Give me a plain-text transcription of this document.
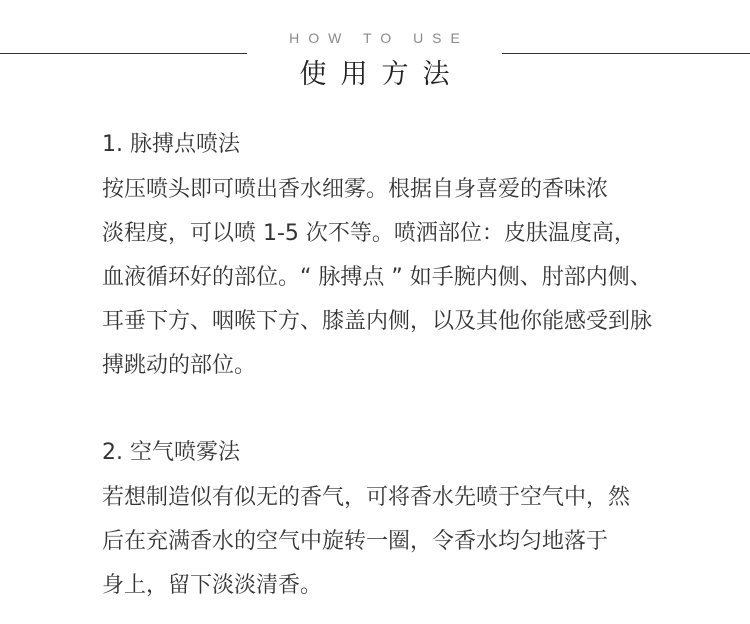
HOW TO USE
使用方法

1. 脉搏点喷法

按压喷头即可喷出香水细雾。根据自身喜爱的香味浓

淡程度，可以喷 1-5 次不等。喷洒部位：皮肤温度高，

血液循环好的部位。“ 脉搏点 ” 如手腕内侧、肘部内侧、

耳垂下方、咽喉下方、膝盖内侧，以及其他你能感受到脉

搏跳动的部位。

2. 空气喷雾法

若想制造似有似无的香气，可将香水先喷于空气中，然

后在充满香水的空气中旋转一圈，令香水均匀地落于

身上，留下淡淡清香。
